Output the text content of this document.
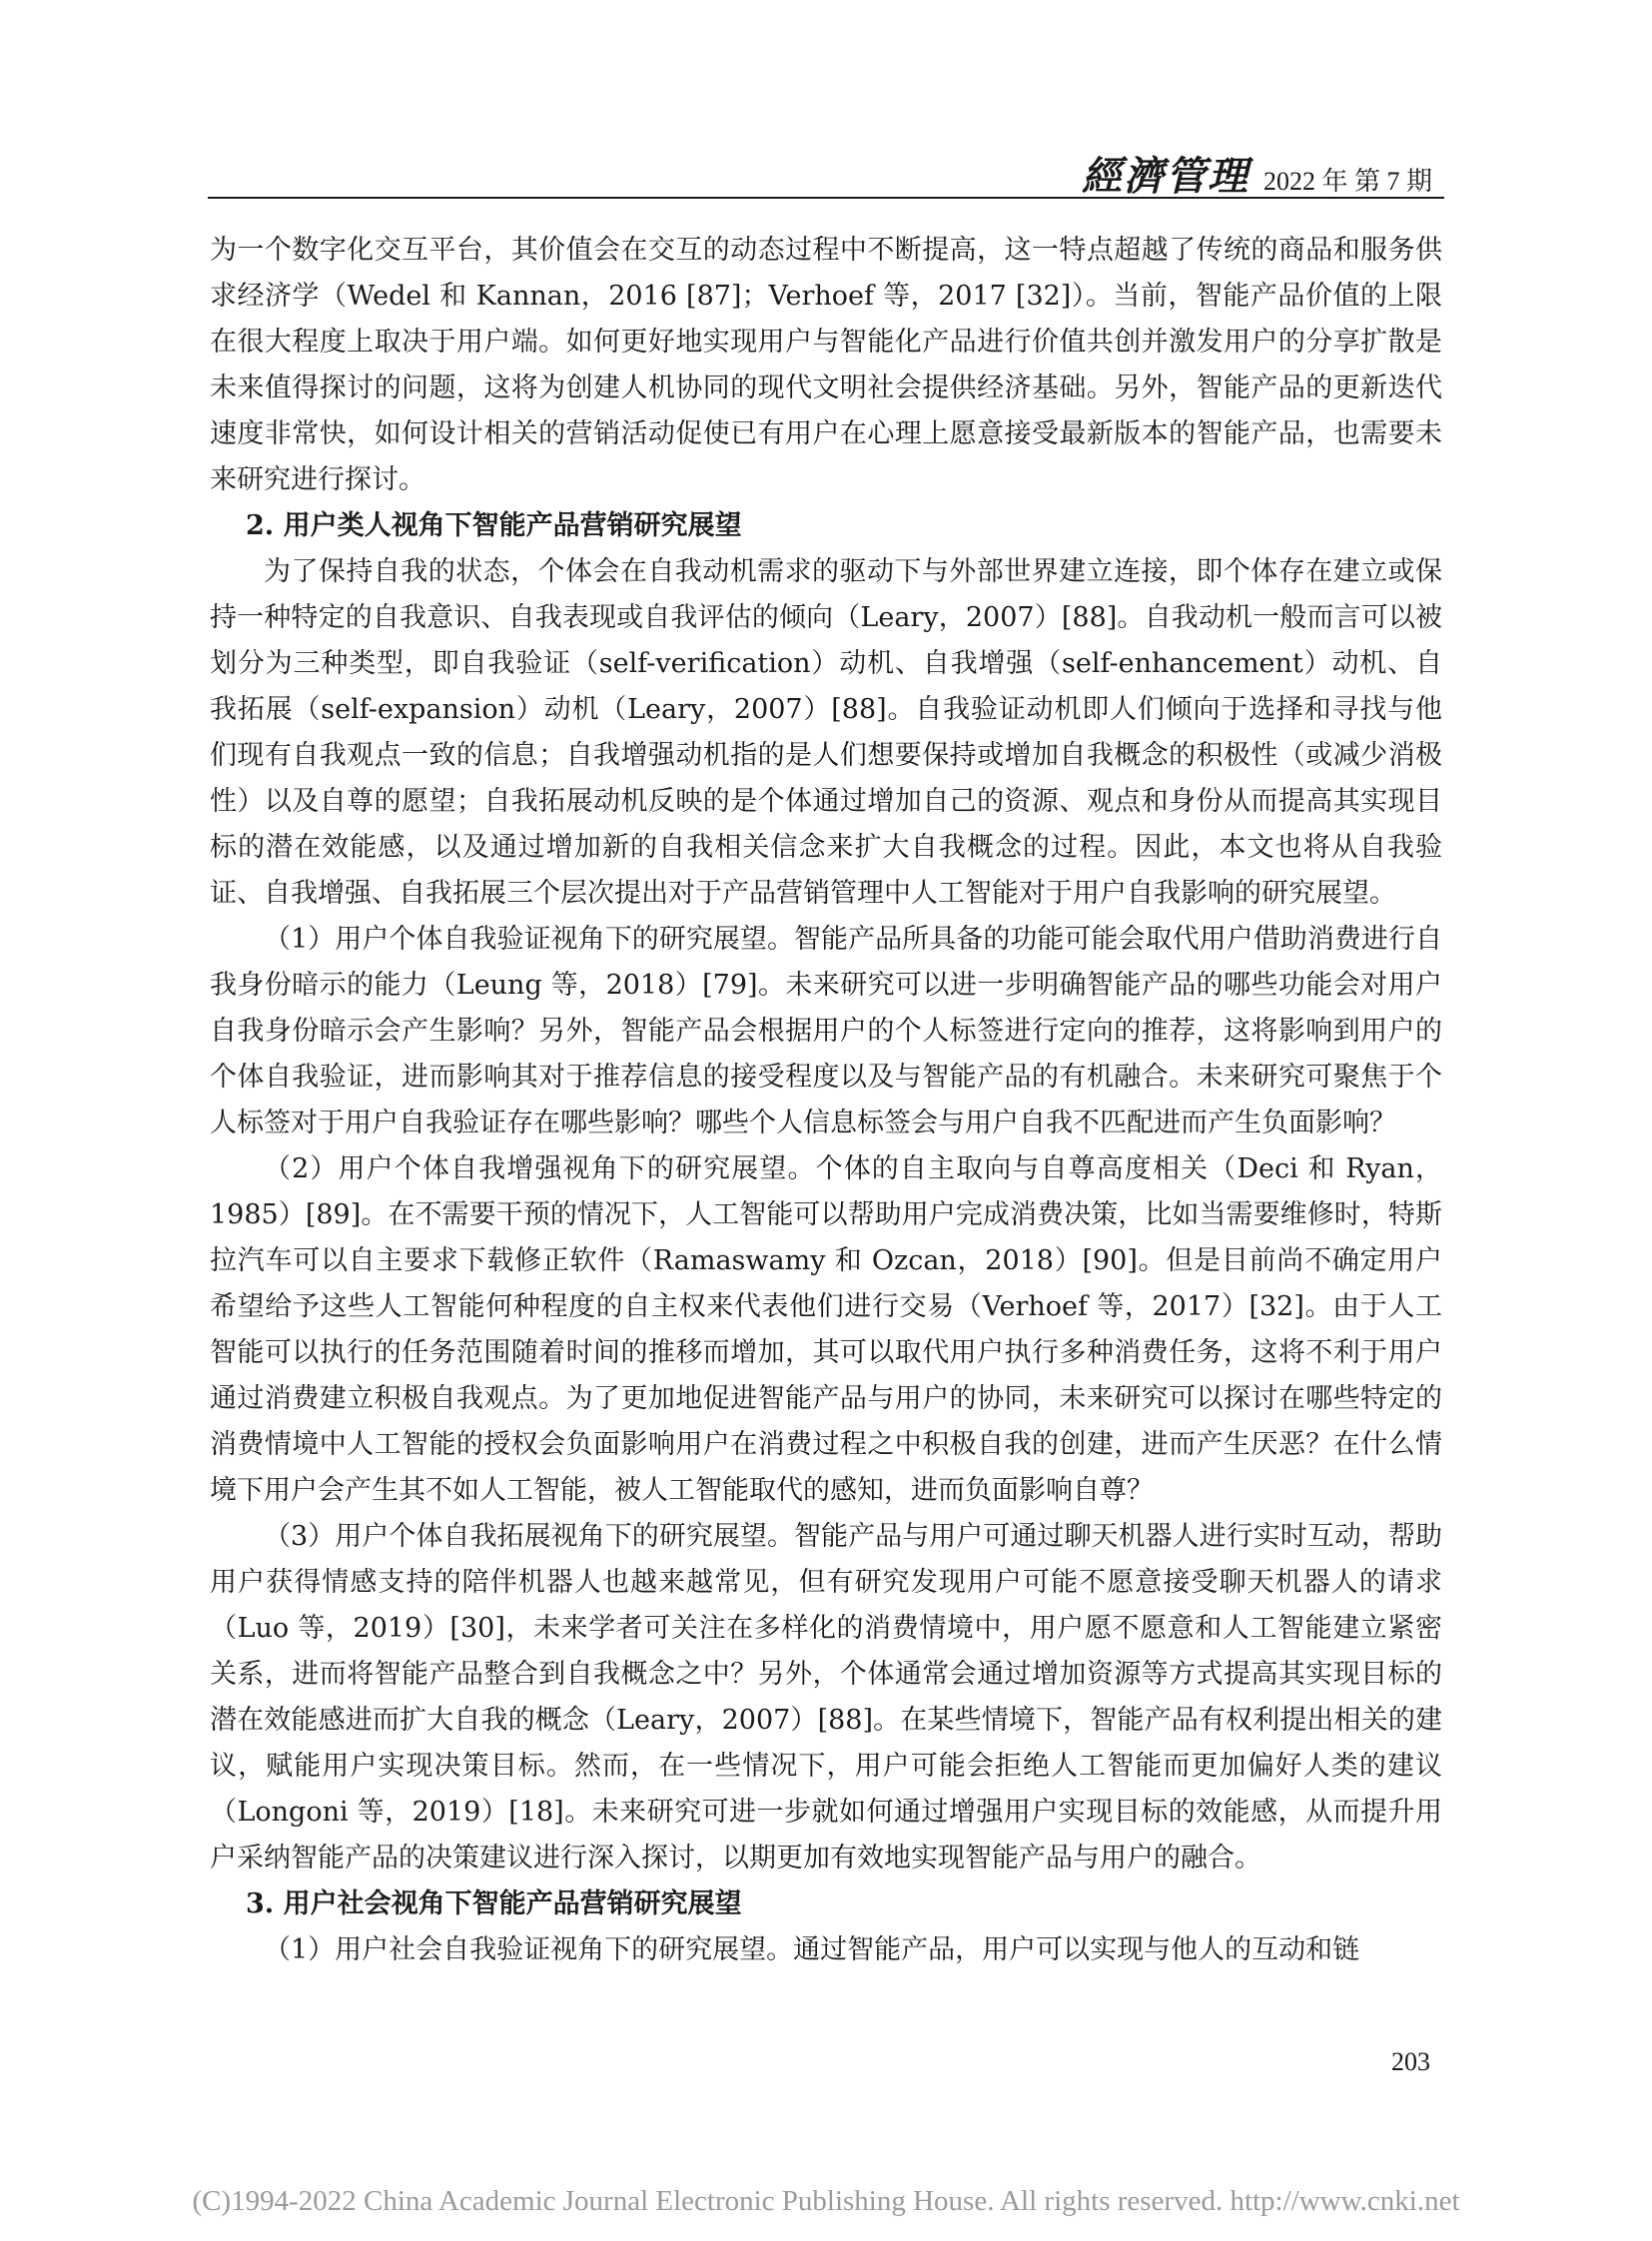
經濟管理 2022 年 第 7 期

为一个数字化交互平台，其价值会在交互的动态过程中不断提高，这一特点超越了传统的商品和服务供求经济学（Wedel 和 Kannan，2016 [87]；Verhoef 等，2017 [32]）。当前，智能产品价值的上限在很大程度上取决于用户端。如何更好地实现用户与智能化产品进行价值共创并激发用户的分享扩散是未来值得探讨的问题，这将为创建人机协同的现代文明社会提供经济基础。另外，智能产品的更新迭代速度非常快，如何设计相关的营销活动促使已有用户在心理上愿意接受最新版本的智能产品，也需要未来研究进行探讨。

2. 用户类人视角下智能产品营销研究展望

为了保持自我的状态，个体会在自我动机需求的驱动下与外部世界建立连接，即个体存在建立或保持一种特定的自我意识、自我表现或自我评估的倾向（Leary，2007）[88]。自我动机一般而言可以被划分为三种类型，即自我验证（self-verification）动机、自我增强（self-enhancement）动机、自我拓展（self-expansion）动机（Leary，2007）[88]。自我验证动机即人们倾向于选择和寻找与他们现有自我观点一致的信息；自我增强动机指的是人们想要保持或增加自我概念的积极性（或减少消极性）以及自尊的愿望；自我拓展动机反映的是个体通过增加自己的资源、观点和身份从而提高其实现目标的潜在效能感，以及通过增加新的自我相关信念来扩大自我概念的过程。因此，本文也将从自我验证、自我增强、自我拓展三个层次提出对于产品营销管理中人工智能对于用户自我影响的研究展望。

（1）用户个体自我验证视角下的研究展望。智能产品所具备的功能可能会取代用户借助消费进行自我身份暗示的能力（Leung 等，2018）[79]。未来研究可以进一步明确智能产品的哪些功能会对用户自我身份暗示会产生影响？另外，智能产品会根据用户的个人标签进行定向的推荐，这将影响到用户的个体自我验证，进而影响其对于推荐信息的接受程度以及与智能产品的有机融合。未来研究可聚焦于个人标签对于用户自我验证存在哪些影响？哪些个人信息标签会与用户自我不匹配进而产生负面影响？

（2）用户个体自我增强视角下的研究展望。个体的自主取向与自尊高度相关（Deci 和 Ryan，1985）[89]。在不需要干预的情况下，人工智能可以帮助用户完成消费决策，比如当需要维修时，特斯拉汽车可以自主要求下载修正软件（Ramaswamy 和 Ozcan，2018）[90]。但是目前尚不确定用户希望给予这些人工智能何种程度的自主权来代表他们进行交易（Verhoef 等，2017）[32]。由于人工智能可以执行的任务范围随着时间的推移而增加，其可以取代用户执行多种消费任务，这将不利于用户通过消费建立积极自我观点。为了更加地促进智能产品与用户的协同，未来研究可以探讨在哪些特定的消费情境中人工智能的授权会负面影响用户在消费过程之中积极自我的创建，进而产生厌恶？在什么情境下用户会产生其不如人工智能，被人工智能取代的感知，进而负面影响自尊？

（3）用户个体自我拓展视角下的研究展望。智能产品与用户可通过聊天机器人进行实时互动，帮助用户获得情感支持的陪伴机器人也越来越常见，但有研究发现用户可能不愿意接受聊天机器人的请求（Luo 等，2019）[30]，未来学者可关注在多样化的消费情境中，用户愿不愿意和人工智能建立紧密关系，进而将智能产品整合到自我概念之中？另外，个体通常会通过增加资源等方式提高其实现目标的潜在效能感进而扩大自我的概念（Leary，2007）[88]。在某些情境下，智能产品有权利提出相关的建议，赋能用户实现决策目标。然而，在一些情况下，用户可能会拒绝人工智能而更加偏好人类的建议（Longoni 等，2019）[18]。未来研究可进一步就如何通过增强用户实现目标的效能感，从而提升用户采纳智能产品的决策建议进行深入探讨，以期更加有效地实现智能产品与用户的融合。

3. 用户社会视角下智能产品营销研究展望

（1）用户社会自我验证视角下的研究展望。通过智能产品，用户可以实现与他人的互动和链

203
(C)1994-2022 China Academic Journal Electronic Publishing House. All rights reserved. http://www.cnki.net
